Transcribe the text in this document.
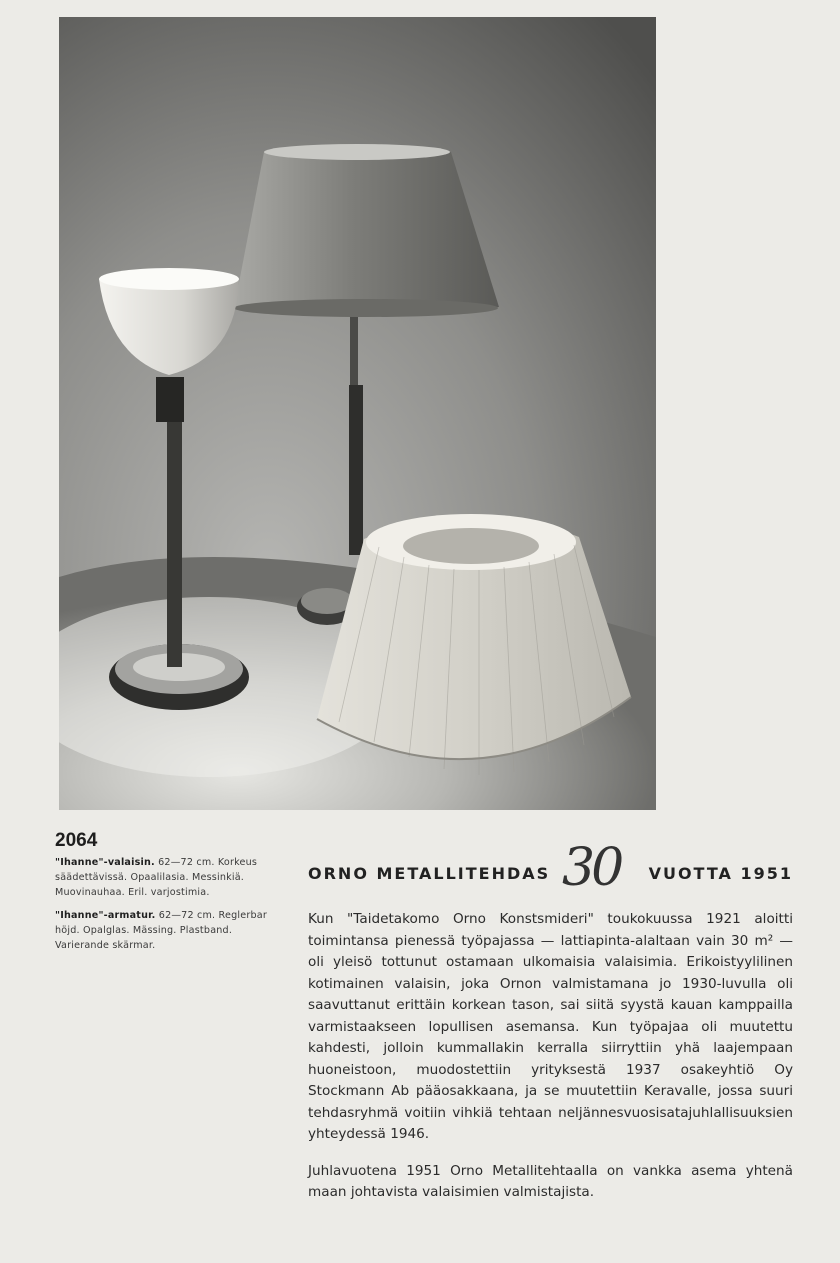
2064
"Ihanne"-valaisin. 62—72 cm. Korkeus säädettävissä. Opaalilasia. Messinkiä. Muovinauhaa. Eril. varjostimia.
"Ihanne"-armatur. 62—72 cm. Reglerbar höjd. Opalglas. Mässing. Plastband. Varierande skärmar.
ORNO METALLITEHDAS 30 VUOTTA 1951

Kun "Taidetakomo Orno Konstsmideri" toukokuussa 1921 aloitti toimintansa pienessä työpajassa — lattiapinta-alaltaan vain 30 m² — oli yleisö tottunut ostamaan ulkomaisia valaisimia. Erikoistyylilinen kotimainen valaisin, joka Ornon valmistamana jo 1930-luvulla oli saavuttanut erittäin korkean tason, sai siitä syystä kauan kamppailla varmistaakseen lopullisen asemansa. Kun työpajaa oli muutettu kahdesti, jolloin kummallakin kerralla siirryttiin yhä laajempaan huoneistoon, muodostettiin yrityksestä 1937 osakeyhtiö Oy Stockmann Ab pääosakkaana, ja se muutettiin Keravalle, jossa suuri tehdasryhmä voitiin vihkiä tehtaan neljännesvuosisatajuhlallisuuksien yhteydessä 1946.

Juhlavuotena 1951 Orno Metallitehtaalla on vankka asema yhtenä maan johtavista valaisimien valmistajista.
